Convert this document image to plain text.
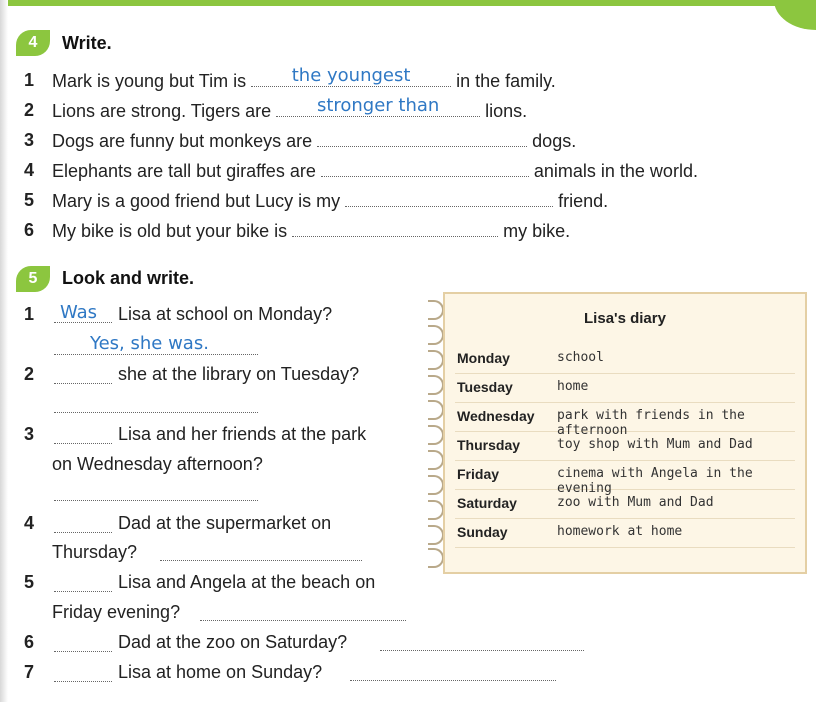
4	Write.
1 Mark is young but Tim is	the youngest	in the family.
2 Lions are strong. Tigers are	stronger than	lions.
3 Dogs are funny but monkeys are	dogs.
4 Elephants are tall but giraffes are	animals in the world.
5 Mary is a good friend but Lucy is my	friend.
6 My bike is old but your bike is	my bike.
5	Look and write.
1 Was Lisa at school on Monday?
Yes, she was.
2	she at the library on Tuesday?
3	Lisa and her friends at the park
on Wednesday afternoon?
4	Dad at the supermarket on
Thursday?
5	Lisa and Angela at the beach on
Friday evening?
6	Dad at the zoo on Saturday?
7	Lisa at home on Sunday?
Lisa's diary
Monday	school
Tuesday	home
Wednesday park with friends in the afternoon
Thursday	toy shop with Mum and Dad
Friday	cinema with Angela in the evening
Saturday	zoo with Mum and Dad
Sunday	homework at home
